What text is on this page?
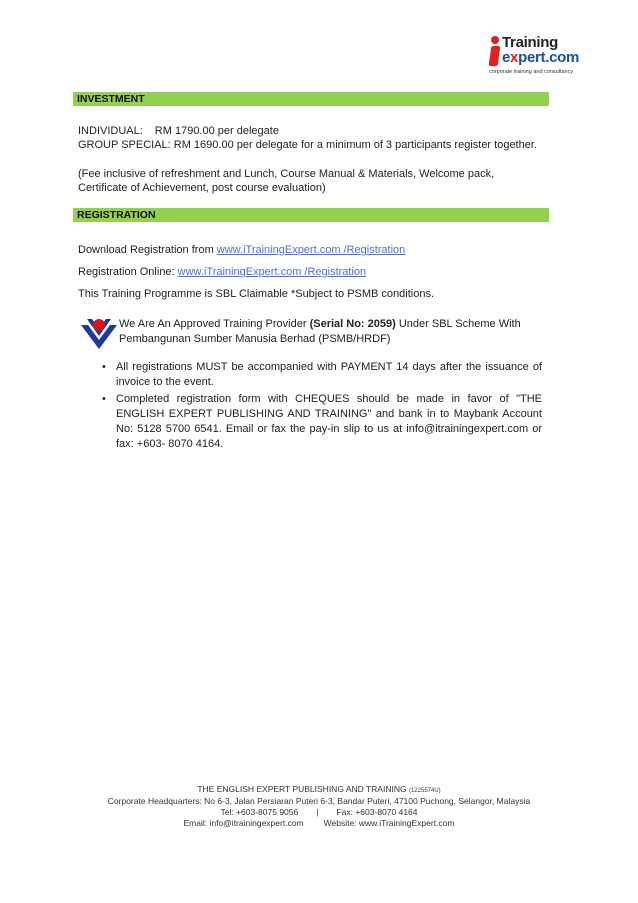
Training
expert.com
corporate training and consultancy
INVESTMENT
INDIVIDUAL: RM 1790.00 per delegate
GROUP SPECIAL: RM 1690.00 per delegate for a minimum of 3 participants register together.
(Fee inclusive of refreshment and Lunch, Course Manual & Materials, Welcome pack,
Certificate of Achievement, post course evaluation)
REGISTRATION
Download Registration from www.iTrainingExpert.com /Registration
Registration Online: www.iTrainingExpert.com /Registration
This Training Programme is SBL Claimable *Subject to PSMB conditions.
We Are An Approved Training Provider (Serial No: 2059) Under SBL Scheme With
Pembangunan Sumber Manusia Berhad (PSMB/HRDF)
• All registrations MUST be accompanied with PAYMENT 14 days after the issuance of invoice to the event.
• Completed registration form with CHEQUES should be made in favor of "THE ENGLISH EXPERT PUBLISHING AND TRAINING" and bank in to Maybank Account No: 5128 5700 6541. Email or fax the pay-in slip to us at info@itrainingexpert.com or fax: +603- 8070 4164.
THE ENGLISH EXPERT PUBLISHING AND TRAINING (1225574U)
Corporate Headquarters: No 6-3, Jalan Persiaran Puteri 6-3, Bandar Puteri, 47100 Puchong, Selangor, Malaysia
Tel: +603-8075 9056 | Fax: +603-8070 4164
Email: info@itrainingexpert.com Website: www.iTrainingExpert.com
